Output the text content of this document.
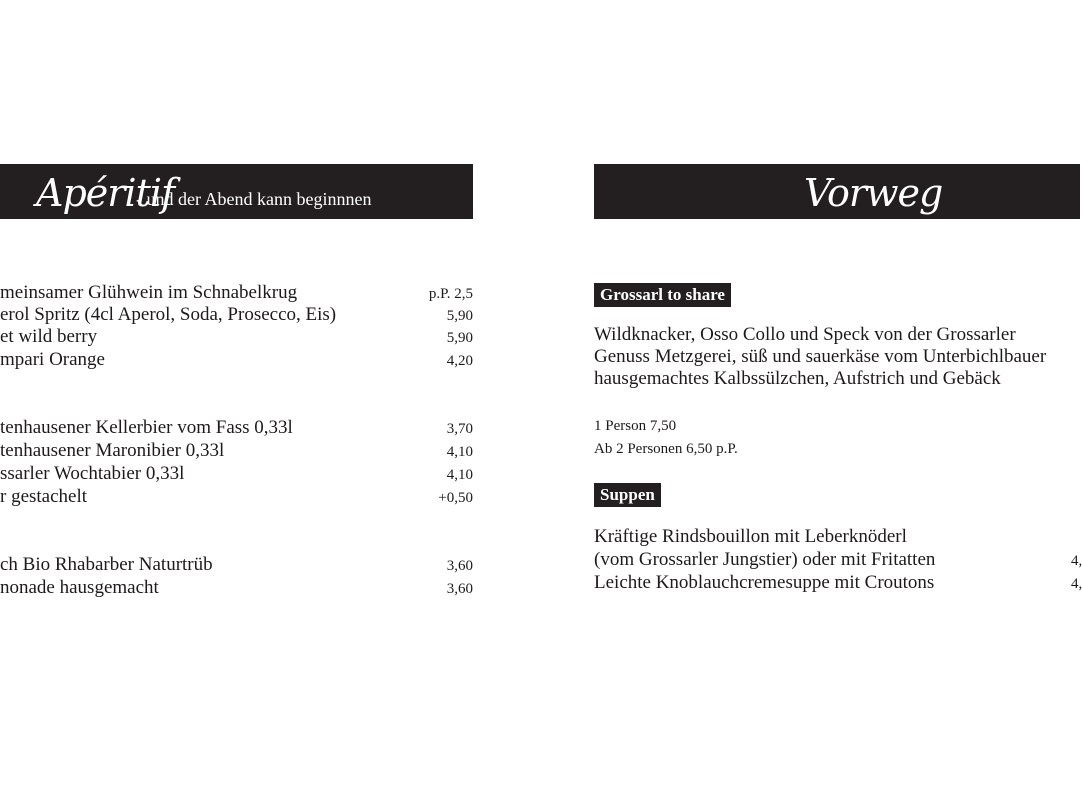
Apéritif
- und der Abend kann beginnnen
meinsamer Glühwein im Schnabelkrug	p.P. 2,5
erol Spritz (4cl Aperol, Soda, Prosecco, Eis)	5,90
et wild berry	5,90
mpari Orange	4,20
tenhausener Kellerbier vom Fass 0,33l	3,70
tenhausener Maronibier 0,33l	4,10
ssarler Wochtabier 0,33l	4,10
r gestachelt	+0,50
ch Bio Rhabarber Naturtrüb	3,60
nonade hausgemacht	3,60
Vorweg
Grossarl to share
Wildknacker, Osso Collo und Speck von der Grossarler
Genuss Metzgerei, süß und sauerkäse vom Unterbichlbauer
hausgemachtes Kalbssülzchen, Aufstrich und Gebäck
1 Person 7,50
Ab 2 Personen 6,50 p.P.
Suppen
Kräftige Rindsbouillon mit Leberknöderl
(vom Grossarler Jungstier) oder mit Fritatten	4,
Leichte Knoblauchcremesuppe mit Croutons	4,
